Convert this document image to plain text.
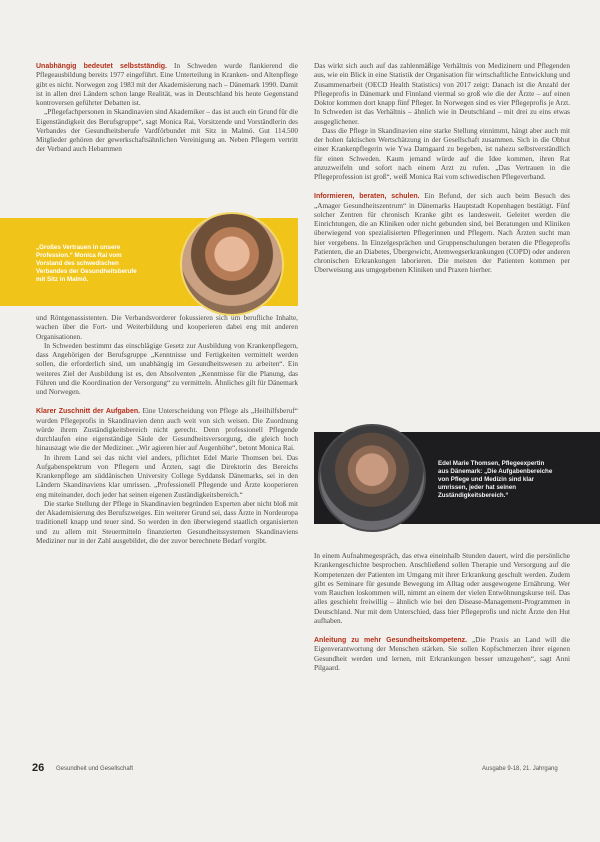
Unabhängig bedeutet selbstständig. In Schweden wurde flankierend die Pflegeausbildung bereits 1977 eingeführt. Eine Unterteilung in Kranken- und Altenpflege gibt es nicht. Norwegen zog 1983 mit der Akademisierung nach – Dänemark 1990. Damit ist in allen drei Ländern schon lange Realität, was in Deutschland bis heute Gegenstand kontroversen geführter Debatten ist.

„Pflegefachpersonen in Skandinavien sind Akademiker – das ist auch ein Grund für die Eigenständigkeit des Berufsgruppe“, sagt Monica Rai, Vorsitzende und Vorständlerin des Verbandes der Gesundheitsberufe Vardförbundet mit Sitz in Malmö. Gut 114.500 Mitglieder gehören der gewerkschaftsähnlichen Vereinigung an. Neben Pflegern vertritt der Verband auch Hebammen

„Großes Vertrauen in unsere Profession.“ Monica Rai vom Vorstand des schwedischen Verbandes der Gesundheitsberufe mit Sitz in Malmö.

und Röntgenassistenten. Die Verbandsvorderer fokussieren sich um berufliche Inhalte, wachen über die Fort- und Weiterbildung und kooperieren dabei eng mit anderen Organisationen.

In Schweden bestimmt das einschlägige Gesetz zur Ausbildung von Krankenpflegern, dass Angehörigen der Berufsgruppe „Kenntnisse und Fertigkeiten vermittelt werden sollen, die erforderlich sind, um unabhängig im Gesundheitswesen zu arbeiten“. Ein weiteres Ziel der Ausbildung ist es, den Absolventen „Kenntnisse für die Planung, das Führen und die Koordination der Versorgung“ zu vermitteln. Ähnliches gilt für Dänemark und Norwegen.

Klarer Zuschnitt der Aufgaben. Eine Unterscheidung von Pflege als „Heilhilfsberuf“ wurden Pflegeprofis in Skandinavien denn auch weit von sich weisen. Die Zuordnung würde ihrem Zuständigkeitsbereich nicht gerecht. Denn professionell Pflegende durchlaufen eine eigenständige Säule der Gesundheitsversorgung, die gleich hoch hinauszagt wie die der Mediziner. „Wir agieren hier auf Augenhöhe“, betont Monica Rai.

In ihrem Land sei das nicht viel anders, pflichtet Edel Marie Thomsen bei. Das Aufgabenspektrum von Pflegern und Ärzten, sagt die Direktorin des Bereichs Krankenpflege am süddänischen University College Syddansk Dänemarks, sei in den Ländern Skandinaviens klar umrissen. „Professionell Pflegende und Ärzte kooperieren eng miteinander, doch jeder hat seinen eigenen Zuständigkeitsbereich.“

Die starke Stellung der Pflege in Skandinavien begründen Experten aber nicht bloß mit der Akademisierung des Berufszweiges. Ein weiterer Grund sei, dass Ärzte in Nordeuropa traditionell knapp und teuer sind. So werden in den überwiegend staatlich organisierten und zu allem mit Steuermitteln finanzierten Gesundheitssystemen Skandinaviens Mediziner nur in der Zahl ausgebildet, die der zuvor berechnete Bedarf vorgibt.

Das wirkt sich auch auf das zahlenmäßige Verhältnis von Medizinern und Pflegenden aus, wie ein Blick in eine Statistik der Organisation für wirtschaftliche Entwicklung und Zusammenarbeit (OECD Health Statistics) von 2017 zeigt: Danach ist die Anzahl der Pflegeprofis in Dänemark und Finnland viermal so groß wie die der Ärzte – auf einen Doktor kommen dort knapp fünf Pfleger. In Norwegen sind es vier Pflegeprofis je Arzt. In Schweden ist das Verhältnis – ähnlich wie in Deutschland – mit drei zu eins etwas ausgeglichener.

Dass die Pflege in Skandinavien eine starke Stellung einnimmt, hängt aber auch mit der hohen faktischen Wertschätzung in der Gesellschaft zusammen. Sich in die Obhut einer Krankenpflegerin wie Ywa Damgaard zu begeben, ist nahezu selbstverständlich für einen Schweden. Kaum jemand würde auf die Idee kommen, ihren Rat anzuzweifeln und sofort nach einem Arzt zu rufen. „Das Vertrauen in die Pflegeprofession ist groß“, weiß Monica Rai vom schwedischen Pflegeverband.

Informieren, beraten, schulen. Ein Befund, der sich auch beim Besuch des „Amager Gesundheitszentrum“ in Dänemarks Hauptstadt Kopenhagen bestätigt. Fünf solcher Zentren für chronisch Kranke gibt es landesweit. Geleitet werden die Einrichtungen, die an Kliniken oder nicht gebunden sind, bei Beratungen und Kliniken überwiegend von spezialisierten Pflegerinnen und Pflegern. Nach Ärzten sucht man hier vergebens. In Einzelgesprächen und Gruppenschulungen beraten die Pflegeprofis Patienten, die an Diabetes, Übergewicht, Atemwegserkrankungen (COPD) oder anderen chronischen Erkrankungen laborieren. Die meisten der Patienten kommen per Überweisung aus umgegebenen Kliniken und Praxen hierher.

Edel Marie Thomsen, Pflegeexpertin aus Dänemark: „Die Aufgabenbereiche von Pflege und Medizin sind klar umrissen, jeder hat seinen Zuständigkeitsbereich.“

In einem Aufnahmegespräch, das etwa eineinhalb Stunden dauert, wird die persönliche Krankengeschichte besprochen. Anschließend sollen Therapie und Versorgung auf die Kompetenzen der Patienten im Umgang mit ihrer Erkrankung geschult werden. Zudem gibt es Seminare für gesunde Bewegung im Alltag oder ausgewogene Ernährung. Wer vom Rauchen loskommen will, nimmt an einem der vielen Entwöhnungskurse teil. Das alles geschieht freiwillig – ähnlich wie bei den Disease-Management-Programmen in Deutschland. Nur mit dem Unterschied, dass hier Pflegeprofis und nicht Ärzte den Hut aufhaben.

Anleitung zu mehr Gesundheitskompetenz. „Die Praxis an Land will die Eigenverantwortung der Menschen stärken. Sie sollen Kopfschmerzen ihrer eigenen Gesundheit werden und lernen, mit Erkrankungen besser umzugehen“, sagt Anni Pilgaard.

26 Gesundheit und Gesellschaft	Ausgabe 9-18, 21. Jahrgang
